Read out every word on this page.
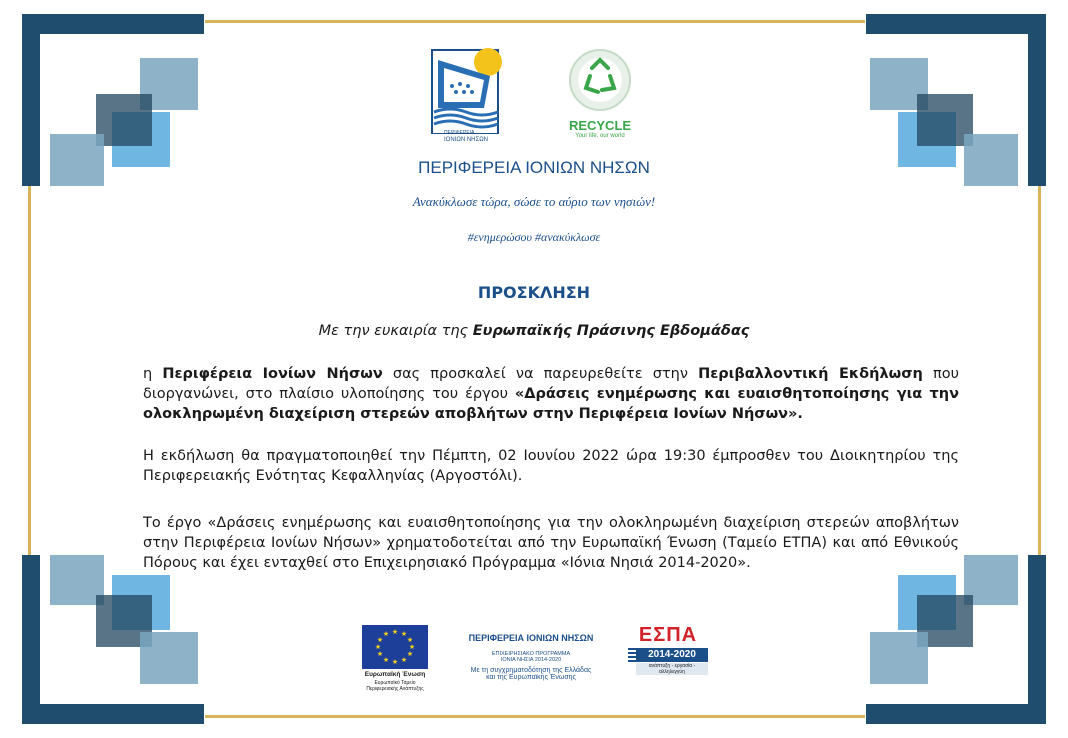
ΠΕΡΙΦΕΡΕΙΑ
ΙΟΝΙΩΝ ΝΗΣΩΝ
RECYCLE
Your life, our world
ΠΕΡΙΦΕΡΕΙΑ ΙΟΝΙΩΝ ΝΗΣΩΝ
Ανακύκλωσε τώρα, σώσε το αύριο των νησιών!
#ενημερώσου #ανακύκλωσε
ΠΡΟΣΚΛΗΣΗ
Με την ευκαιρία της Ευρωπαϊκής Πράσινης Εβδομάδας
η Περιφέρεια Ιονίων Νήσων σας προσκαλεί να παρευρεθείτε στην Περιβαλλοντική Εκδήλωση που διοργανώνει, στο πλαίσιο υλοποίησης του έργου «Δράσεις ενημέρωσης και ευαισθητοποίησης για την ολοκληρωμένη διαχείριση στερεών αποβλήτων στην Περιφέρεια Ιονίων Νήσων».
Η εκδήλωση θα πραγματοποιηθεί την Πέμπτη, 02 Ιουνίου 2022 ώρα 19:30 έμπροσθεν του Διοικητηρίου της Περιφερειακής Ενότητας Κεφαλληνίας (Αργοστόλι).
Το έργο «Δράσεις ενημέρωσης και ευαισθητοποίησης για την ολοκληρωμένη διαχείριση στερεών αποβλήτων στην Περιφέρεια Ιονίων Νήσων» χρηματοδοτείται από την Ευρωπαϊκή Ένωση (Ταμείο ΕΤΠΑ) και από Εθνικούς Πόρους και έχει ενταχθεί στο Επιχειρησιακό Πρόγραμμα «Ιόνια Νησιά 2014-2020».
★ ★
★
★
★
★
★
★
★
★
★
★
Ευρωπαϊκή Ένωση
Ευρωπαϊκό Ταμείο
Περιφερειακής Ανάπτυξης
ΠΕΡΙΦΕΡΕΙΑ ΙΟΝΙΩΝ ΝΗΣΩΝ
ΕΠΙΧΕΙΡΗΣΙΑΚΟ ΠΡΟΓΡΑΜΜΑ
ΙΟΝΙΑ ΝΗΣΙΑ 2014-2020
Με τη συγχρηματοδότηση της Ελλάδας
και της Ευρωπαϊκής Ένωσης
ΕΣΠΑ
2014-2020
ανάπτυξη - εργασία - αλληλεγγύη
